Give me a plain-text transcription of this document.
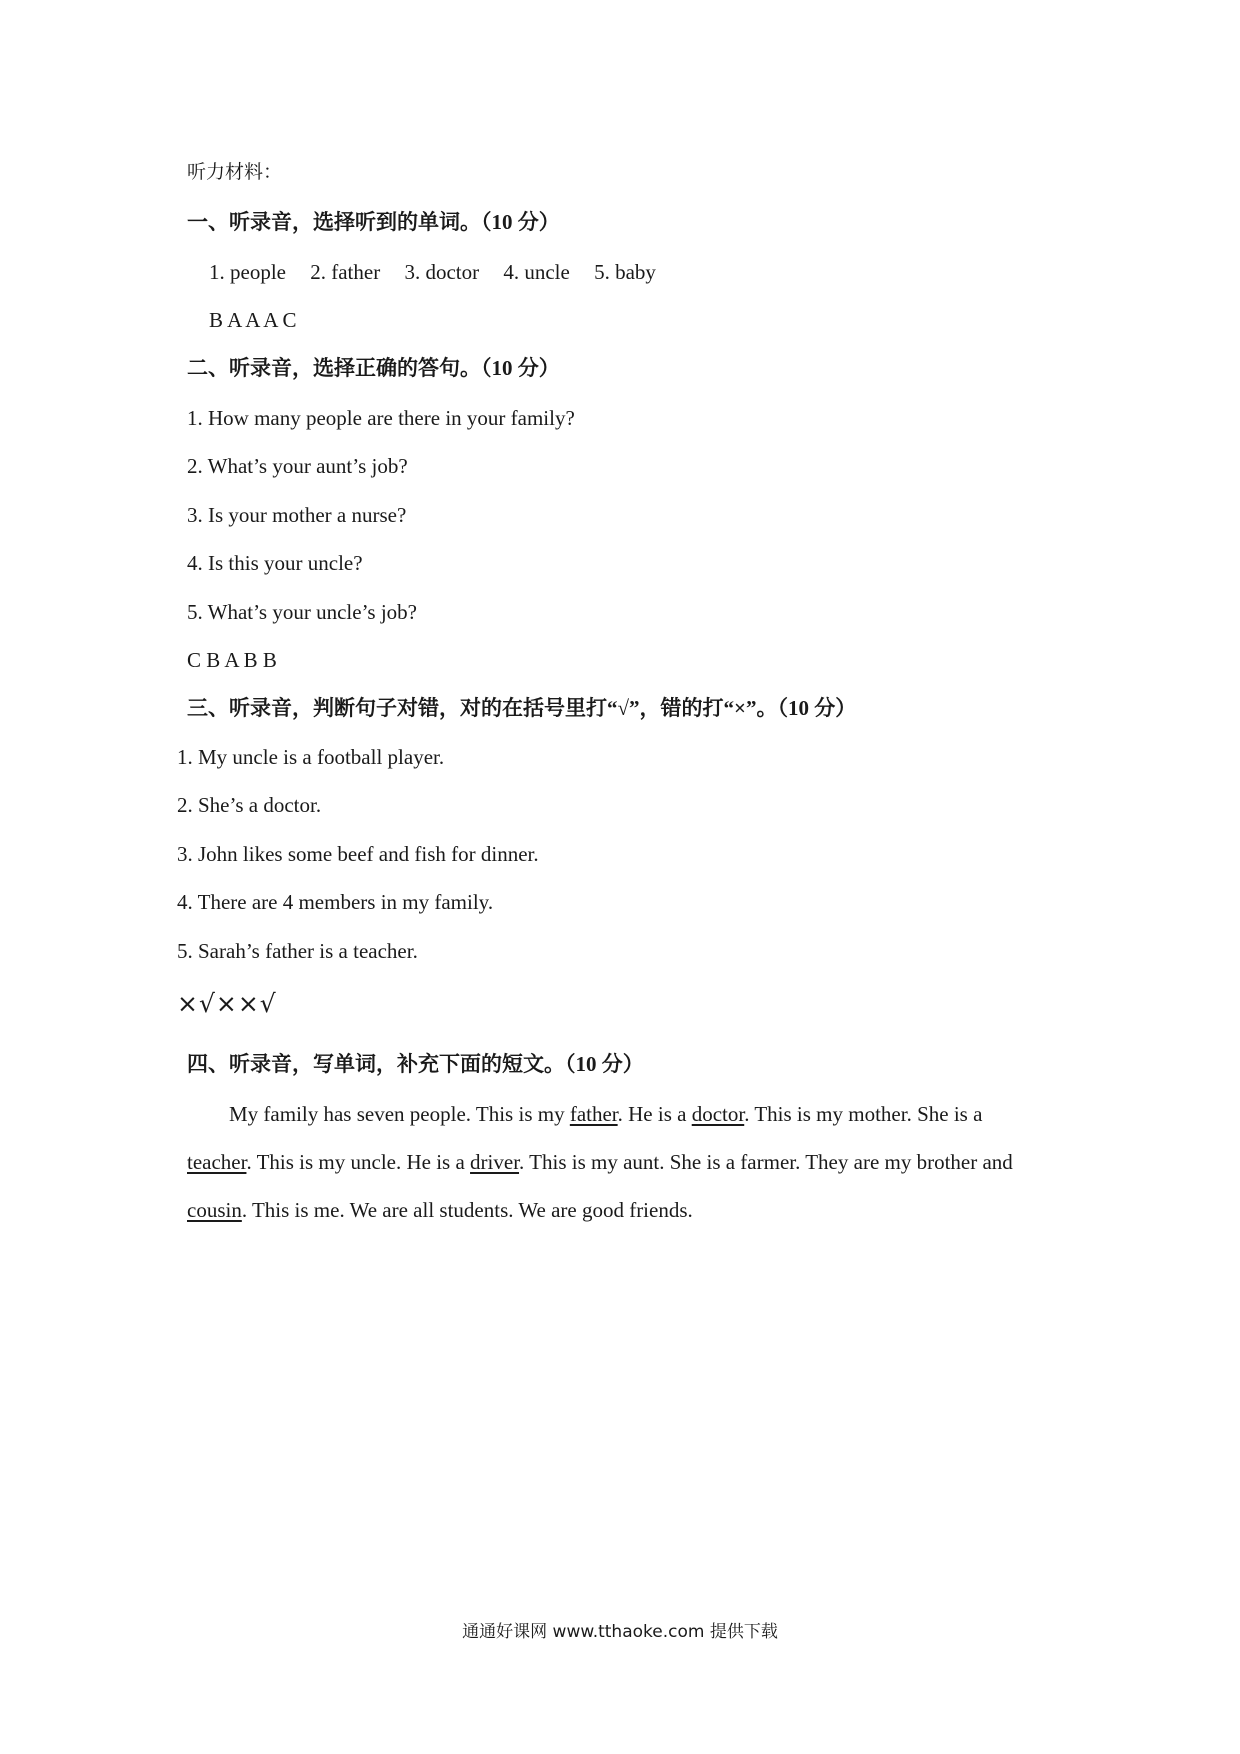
听力材料：
一、听录音，选择听到的单词。（10 分）
1. people 2. father 3. doctor 4. uncle 5. baby
B A A A C
二、听录音，选择正确的答句。（10 分）
1. How many people are there in your family?
2. What’s your aunt’s job?
3. Is your mother a nurse?
4. Is this your uncle?
5. What’s your uncle’s job?
C B A B B
三、听录音，判断句子对错，对的在括号里打“√”，错的打“×”。（10 分）
1. My uncle is a football player.
2. She’s a doctor.
3. John likes some beef and fish for dinner.
4. There are 4 members in my family.
5. Sarah’s father is a teacher.
×√××√
四、听录音，写单词，补充下面的短文。（10 分）
My family has seven people. This is my father. He is a doctor. This is my mother. She is a
teacher. This is my uncle. He is a driver. This is my aunt. She is a farmer. They are my brother and
cousin. This is me. We are all students. We are good friends.
通通好课网 www.tthaoke.com 提供下载
